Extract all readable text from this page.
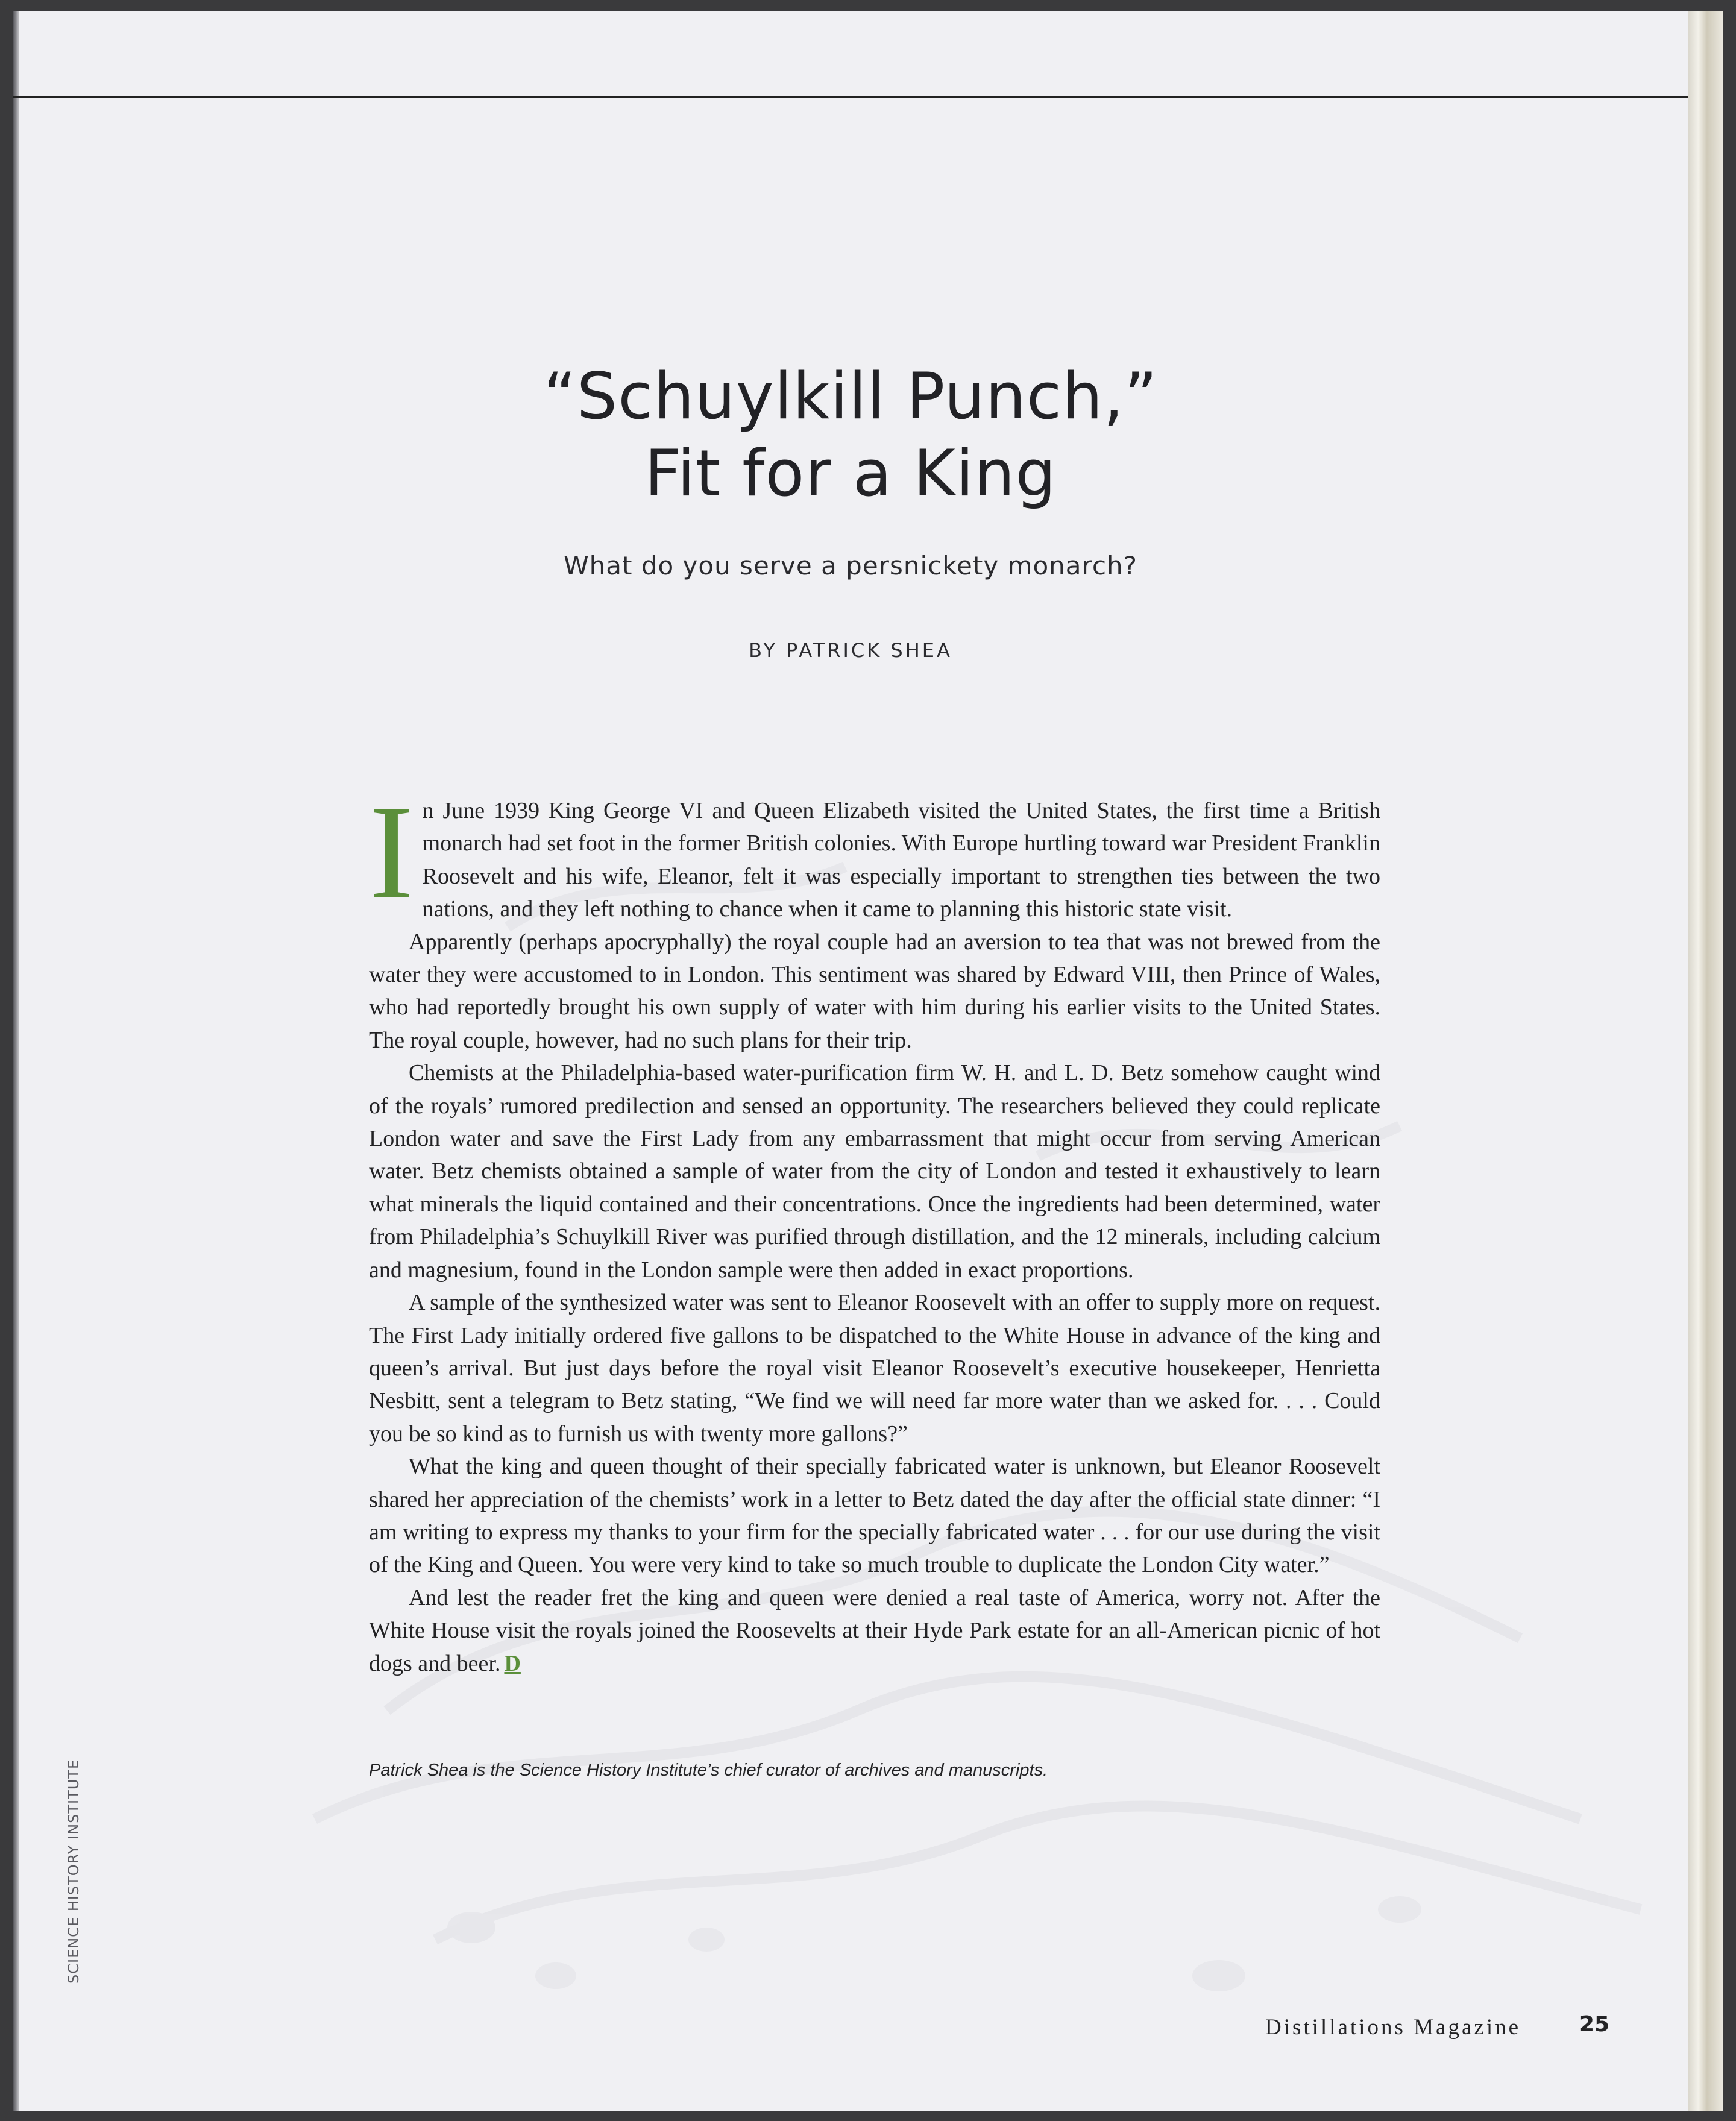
“Schuylkill Punch,”
Fit for a King
What do you serve a persnickety monarch?
BY PATRICK SHEA

In June 1939 King George VI and Queen Elizabeth visited the United States, the first time a British monarch had set foot in the former British colonies. With Europe hurtling toward war President Franklin Roosevelt and his wife, Eleanor, felt it was especially important to strengthen ties between the two nations, and they left nothing to chance when it came to planning this historic state visit.

Apparently (perhaps apocryphally) the royal couple had an aversion to tea that was not brewed from the water they were accustomed to in London. This sentiment was shared by Edward VIII, then Prince of Wales, who had reportedly brought his own supply of water with him during his earlier visits to the United States. The royal couple, however, had no such plans for their trip.

Chemists at the Philadelphia-based water-purification firm W. H. and L. D. Betz somehow caught wind of the royals’ rumored predilection and sensed an opportunity. The researchers believed they could replicate London water and save the First Lady from any embarrassment that might occur from serving American water. Betz chemists obtained a sample of water from the city of London and tested it exhaustively to learn what minerals the liquid contained and their concentrations. Once the ingredients had been determined, water from Philadelphia’s Schuylkill River was purified through distillation, and the 12 minerals, including calcium and magnesium, found in the London sample were then added in exact proportions.

A sample of the synthesized water was sent to Eleanor Roosevelt with an offer to supply more on request. The First Lady initially ordered five gallons to be dispatched to the White House in advance of the king and queen’s arrival. But just days before the royal visit Eleanor Roosevelt’s executive housekeeper, Henrietta Nesbitt, sent a telegram to Betz stating, “We find we will need far more water than we asked for. . . . Could you be so kind as to furnish us with twenty more gallons?”

What the king and queen thought of their specially fabricated water is unknown, but Eleanor Roosevelt shared her appreciation of the chemists’ work in a letter to Betz dated the day after the official state dinner: “I am writing to express my thanks to your firm for the specially fabricated water . . . for our use during the visit of the King and Queen. You were very kind to take so much trouble to duplicate the London City water.”

And lest the reader fret the king and queen were denied a real taste of America, worry not. After the White House visit the royals joined the Roosevelts at their Hyde Park estate for an all-American picnic of hot dogs and beer. D

Patrick Shea is the Science History Institute’s chief curator of archives and manuscripts.
SCIENCE HISTORY INSTITUTE
Distillations Magazine	25
